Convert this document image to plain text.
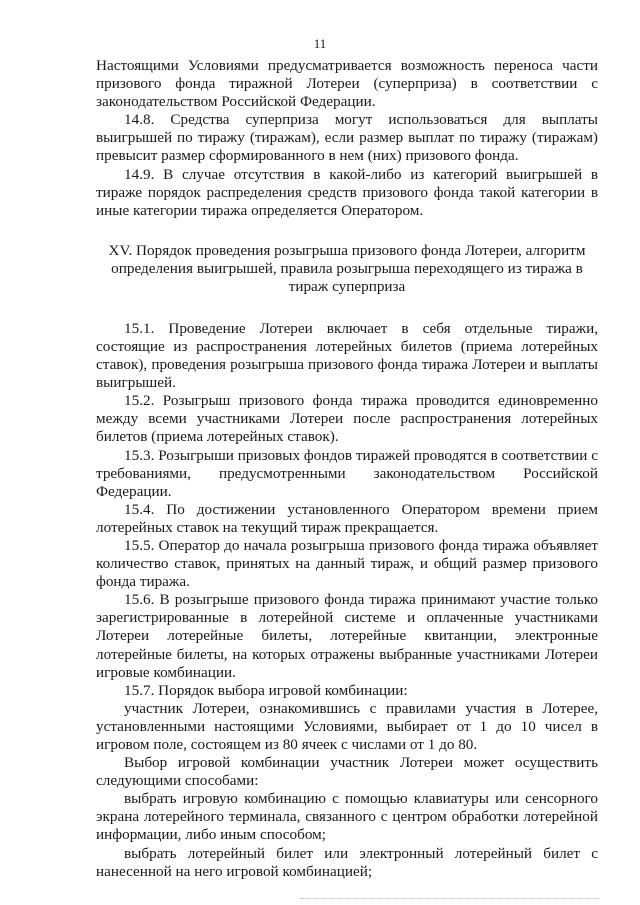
11

Настоящими Условиями предусматривается возможность переноса части призового фонда тиражной Лотереи (суперприза) в соответствии с законодательством Российской Федерации.

14.8. Средства суперприза могут использоваться для выплаты выигрышей по тиражу (тиражам), если размер выплат по тиражу (тиражам) превысит размер сформированного в нем (них) призового фонда.

14.9. В случае отсутствия в какой-либо из категорий выигрышей в тираже порядок распределения средств призового фонда такой категории в иные категории тиража определяется Оператором.

XV. Порядок проведения розыгрыша призового фонда Лотереи, алгоритм определения выигрышей, правила розыгрыша переходящего из тиража в тираж суперприза

15.1. Проведение Лотереи включает в себя отдельные тиражи, состоящие из распространения лотерейных билетов (приема лотерейных ставок), проведения розыгрыша призового фонда тиража Лотереи и выплаты выигрышей.

15.2. Розыгрыш призового фонда тиража проводится единовременно между всеми участниками Лотереи после распространения лотерейных билетов (приема лотерейных ставок).

15.3. Розыгрыши призовых фондов тиражей проводятся в соответствии с требованиями, предусмотренными законодательством Российской Федерации.

15.4. По достижении установленного Оператором времени прием лотерейных ставок на текущий тираж прекращается.

15.5. Оператор до начала розыгрыша призового фонда тиража объявляет количество ставок, принятых на данный тираж, и общий размер призового фонда тиража.

15.6. В розыгрыше призового фонда тиража принимают участие только зарегистрированные в лотерейной системе и оплаченные участниками Лотереи лотерейные билеты, лотерейные квитанции, электронные лотерейные билеты, на которых отражены выбранные участниками Лотереи игровые комбинации.

15.7. Порядок выбора игровой комбинации:

участник Лотереи, ознакомившись с правилами участия в Лотерее, установленными настоящими Условиями, выбирает от 1 до 10 чисел в игровом поле, состоящем из 80 ячеек с числами от 1 до 80.

Выбор игровой комбинации участник Лотереи может осуществить следующими способами:

выбрать игровую комбинацию с помощью клавиатуры или сенсорного экрана лотерейного терминала, связанного с центром обработки лотерейной информации, либо иным способом;

выбрать лотерейный билет или электронный лотерейный билет с нанесенной на него игровой комбинацией;
